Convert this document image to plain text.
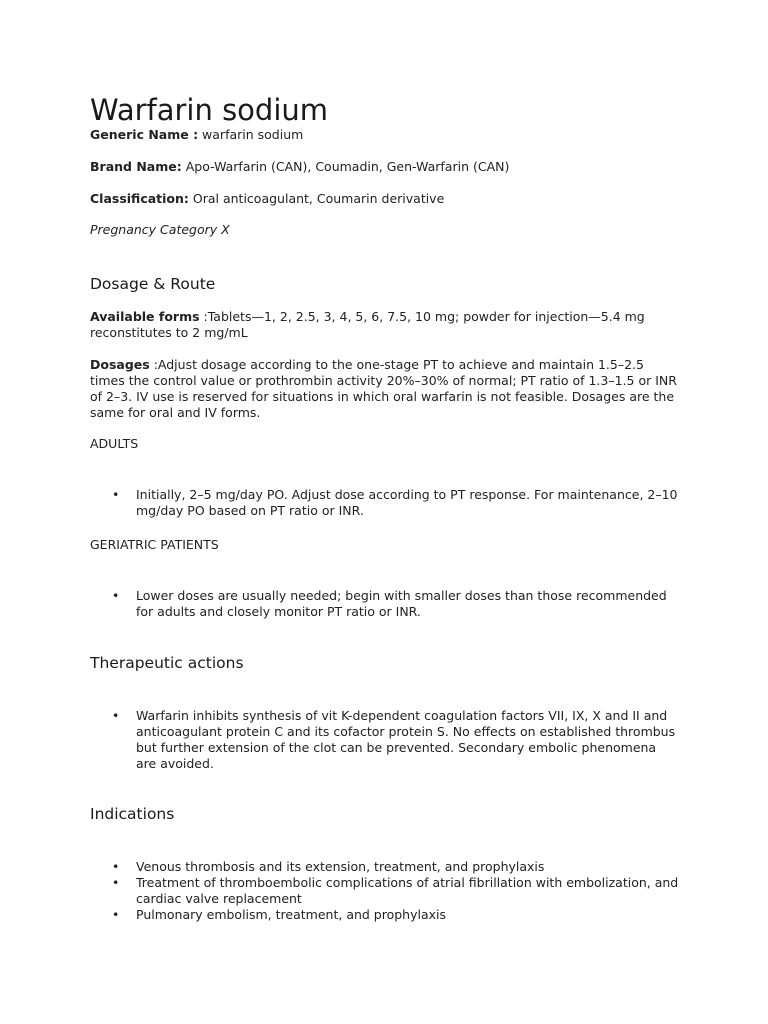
Warfarin sodium

Generic Name : warfarin sodium

Brand Name: Apo-Warfarin (CAN), Coumadin, Gen-Warfarin (CAN)

Classification: Oral anticoagulant, Coumarin derivative

Pregnancy Category X

Dosage & Route

Available forms :Tablets—1, 2, 2.5, 3, 4, 5, 6, 7.5, 10 mg; powder for injection—5.4 mg reconstitutes to 2 mg/mL

Dosages :Adjust dosage according to the one-stage PT to achieve and maintain 1.5–2.5 times the control value or prothrombin activity 20%–30% of normal; PT ratio of 1.3–1.5 or INR of 2–3. IV use is reserved for situations in which oral warfarin is not feasible. Dosages are the same for oral and IV forms.

ADULTS

• Initially, 2–5 mg/day PO. Adjust dose according to PT response. For maintenance, 2–10 mg/day PO based on PT ratio or INR.

GERIATRIC PATIENTS

• Lower doses are usually needed; begin with smaller doses than those recommended for adults and closely monitor PT ratio or INR.
Therapeutic actions
• Warfarin inhibits synthesis of vit K-dependent coagulation factors VII, IX, X and II and anticoagulant protein C and its cofactor protein S. No effects on established thrombus but further extension of the clot can be prevented. Secondary embolic phenomena are avoided.
Indications
• Venous thrombosis and its extension, treatment, and prophylaxis
• Treatment of thromboembolic complications of atrial fibrillation with embolization, and cardiac valve replacement
• Pulmonary embolism, treatment, and prophylaxis
